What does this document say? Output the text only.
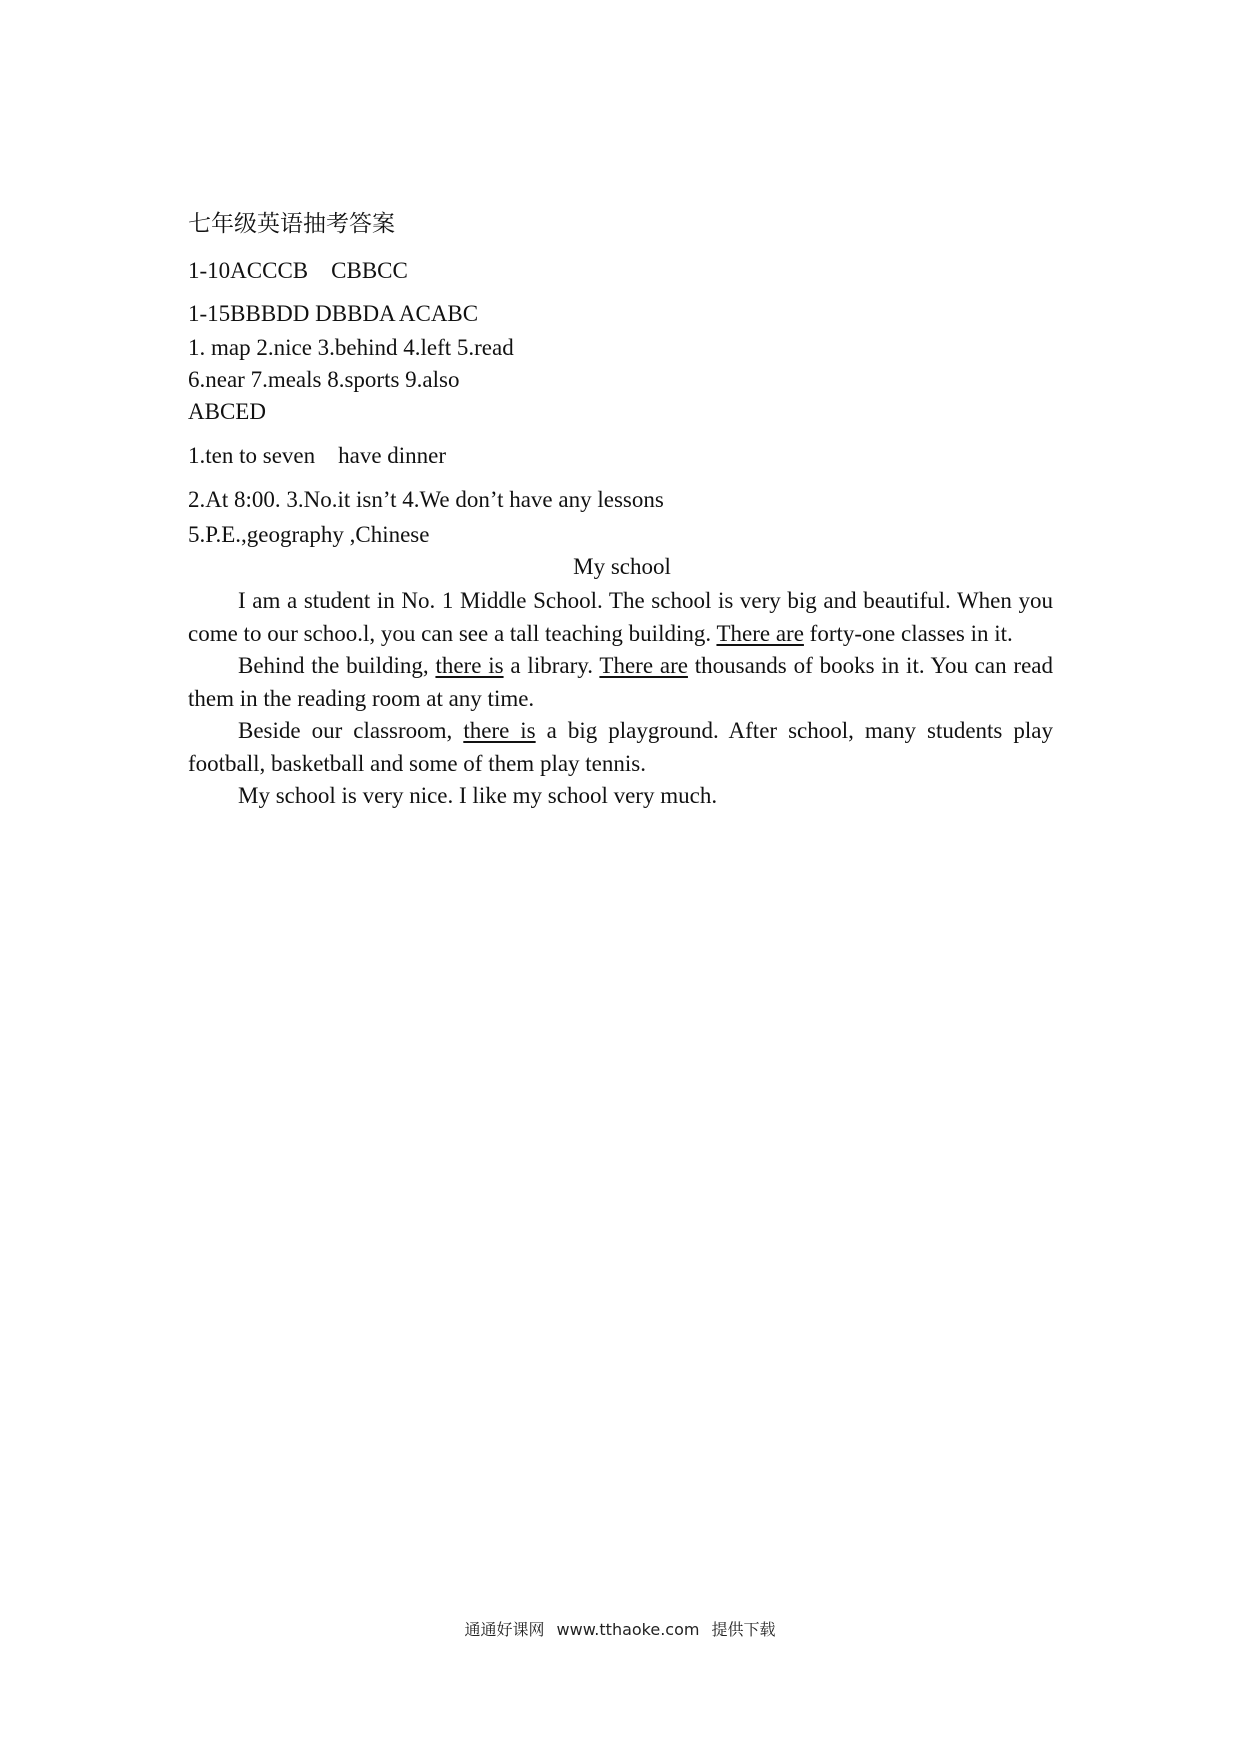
七年级英语抽考答案
1-10ACCCB    CBBCC
1-15BBBDD DBBDA ACABC
1. map 2.nice 3.behind 4.left 5.read
6.near 7.meals 8.sports 9.also
ABCED
1.ten to seven    have dinner
2.At 8:00. 3.No.it isn’t 4.We don’t have any lessons
5.P.E.,geography ,Chinese
My school

I am a student in No. 1 Middle School. The school is very big and beautiful. When you come to our schoo.l, you can see a tall teaching building. There are forty-one classes in it.

Behind the building, there is a library. There are thousands of books in it. You can read them in the reading room at any time.

Beside our classroom, there is a big playground. After school, many students play football, basketball and some of them play tennis.

My school is very nice. I like my school very much.

通通好课网 www.tthaoke.com 提供下载
